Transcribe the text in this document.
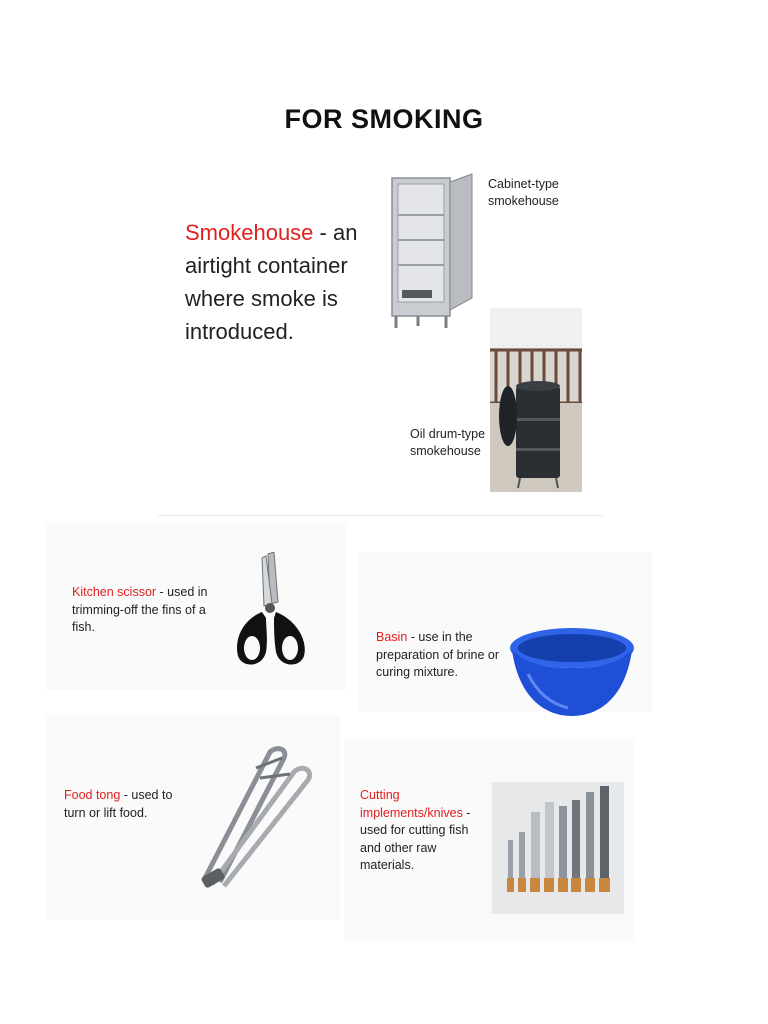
FOR SMOKING
Smokehouse - an airtight container where smoke is introduced.
Cabinet-type smokehouse
Oil drum-type smokehouse
Kitchen scissor - used in trimming-off the fins of a fish.
Basin - use in the preparation of brine or curing mixture.
Food tong - used to turn or lift food.
Cutting implements/knives - used for cutting fish and other raw materials.
